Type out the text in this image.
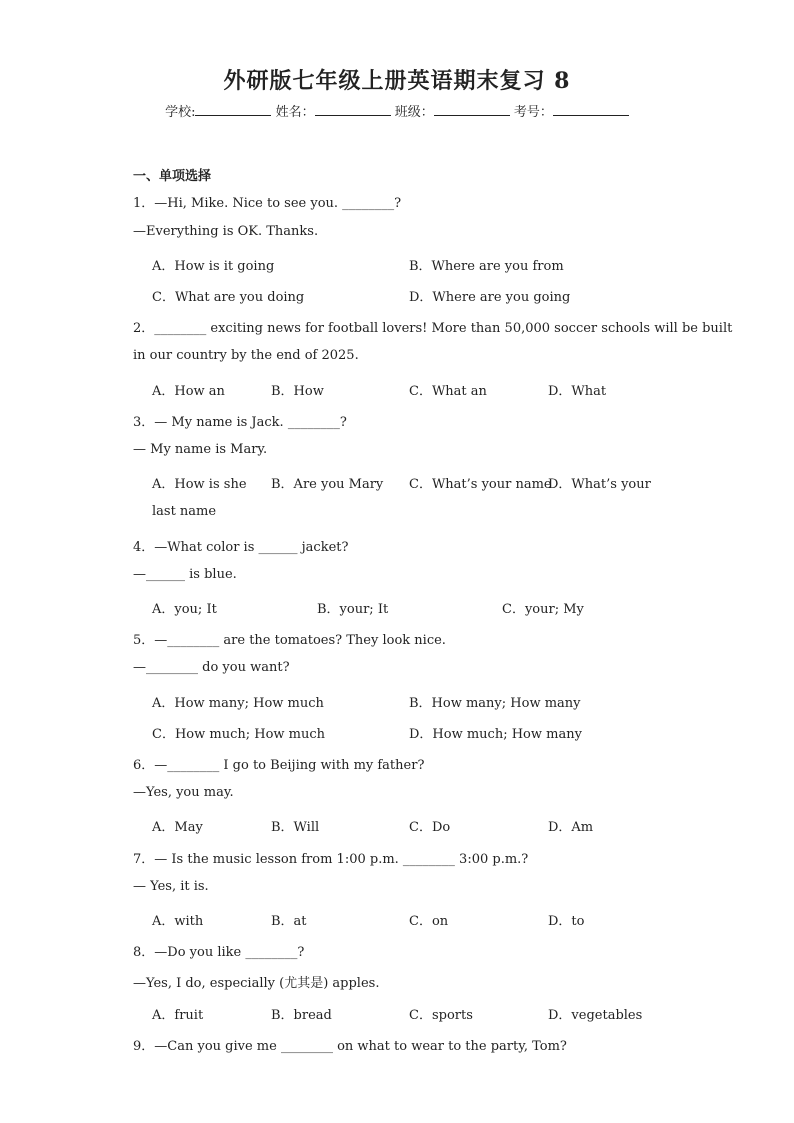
外研版七年级上册英语期末复习 8
学校:	姓名：	班级：	考号：
一、单项选择
1．—Hi, Mike. Nice to see you. ________?
—Everything is OK. Thanks.
A．How is it going	B．Where are you from
C．What are you doing	D．Where are you going
2．________ exciting news for football lovers! More than 50,000 soccer schools will be built
in our country by the end of 2025.
A．How an	B．How	C．What an	D．What
3．— My name is Jack. ________?
— My name is Mary.
A．How is she B．Are you Mary C．What’s your name
D．What’s your
last name
4．—What color is ______ jacket?
—______ is blue.
A．you; It	B．your; It	C．your; My
5．—________ are the tomatoes? They look nice.
—________ do you want?
A．How many; How much	B．How many; How many
C．How much; How much	D．How much; How many
6．—________ I go to Beijing with my father?
—Yes, you may.
A．May	B．Will	C．Do	D．Am
7．— Is the music lesson from 1:00 p.m. ________ 3:00 p.m.?
— Yes, it is.
A．with	B．at	C．on	D．to
8．—Do you like ________?
—Yes, I do, especially (尤其是) apples.
A．fruit	B．bread	C．sports	D．vegetables
9．—Can you give me ________ on what to wear to the party, Tom?
